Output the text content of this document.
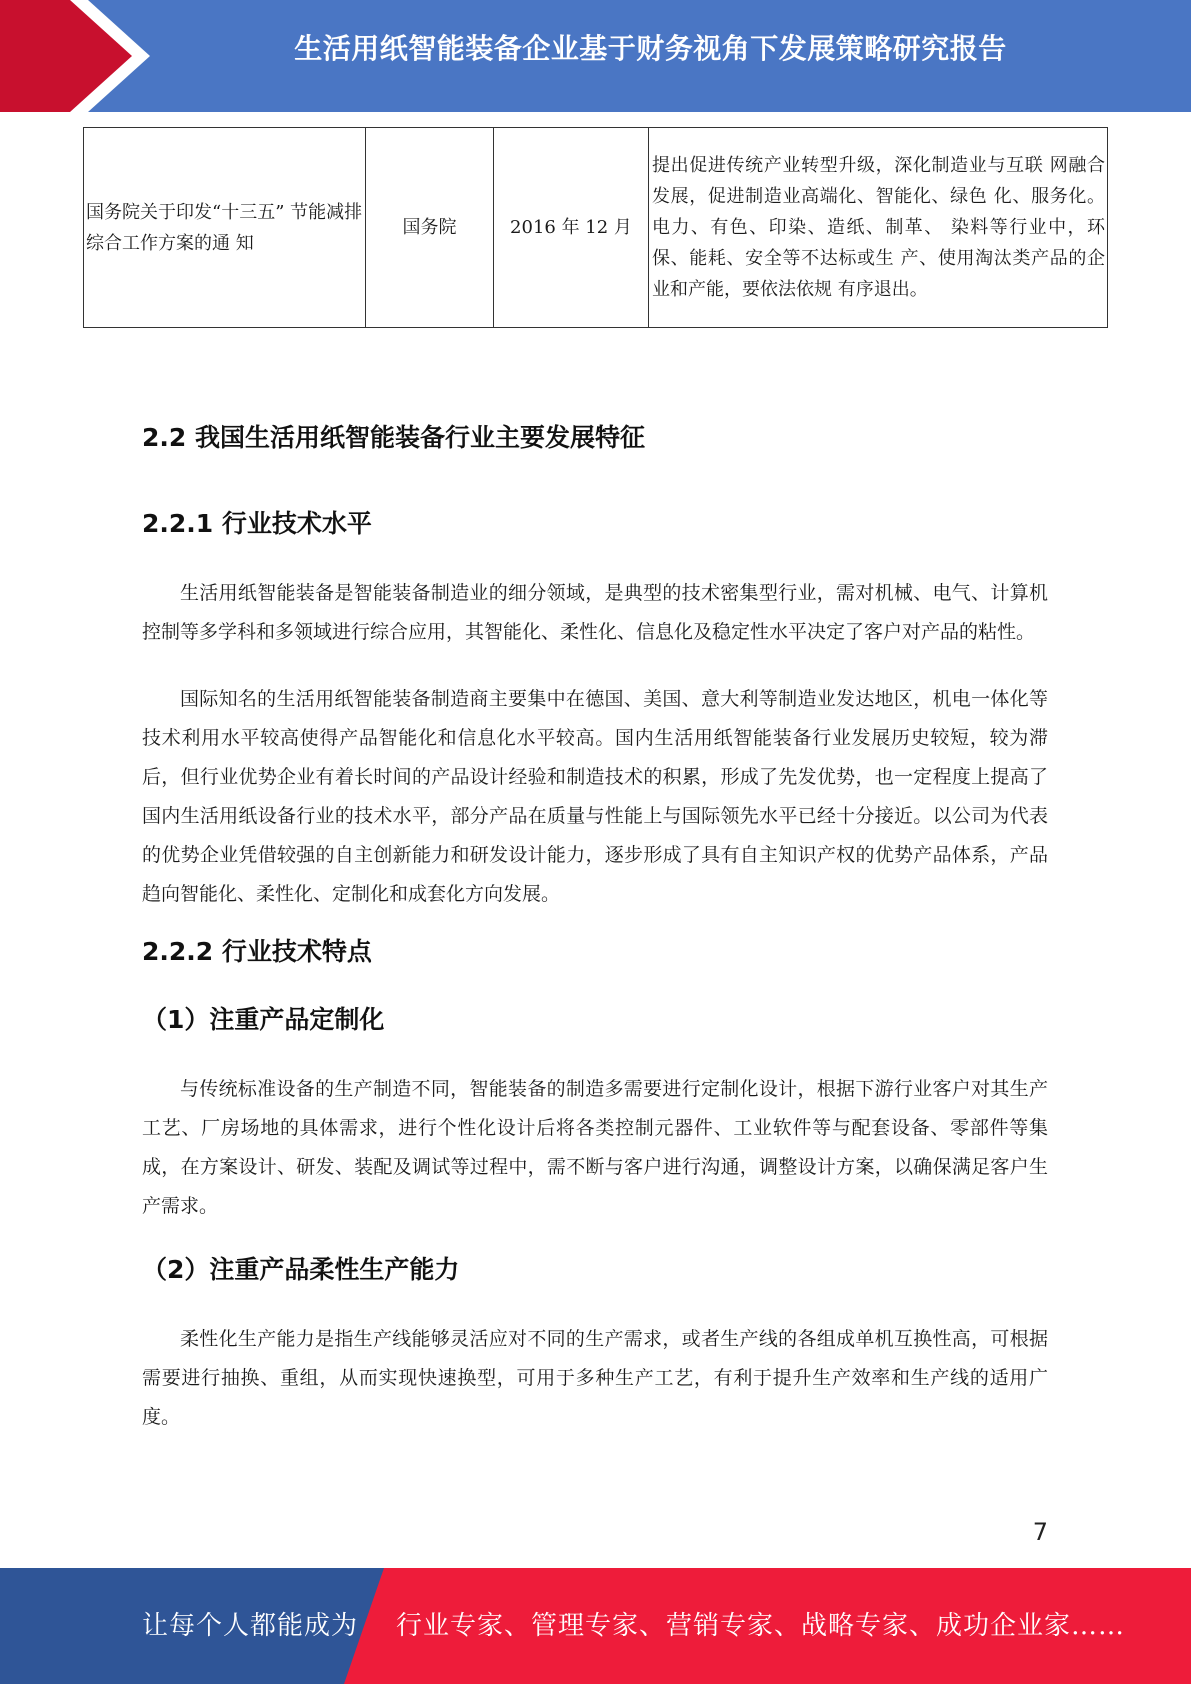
生活用纸智能装备企业基于财务视角下发展策略研究报告
国务院关于印发“十三五” 节能减排综合工作方案的通 知	国务院	2016 年 12 月	提出促进传统产业转型升级，深化制造业与互联 网融合发展，促进制造业高端化、智能化、绿色 化、服务化。电力、有色、印染、造纸、制革、 染料等行业中，环保、能耗、安全等不达标或生 产、使用淘汰类产品的企业和产能，要依法依规 有序退出。
2.2 我国生活用纸智能装备行业主要发展特征
2.2.1 行业技术水平

生活用纸智能装备是智能装备制造业的细分领域，是典型的技术密集型行业，需对机械、电气、计算机控制等多学科和多领域进行综合应用，其智能化、柔性化、信息化及稳定性水平决定了客户对产品的粘性。

国际知名的生活用纸智能装备制造商主要集中在德国、美国、意大利等制造业发达地区，机电一体化等技术利用水平较高使得产品智能化和信息化水平较高。国内生活用纸智能装备行业发展历史较短，较为滞后，但行业优势企业有着长时间的产品设计经验和制造技术的积累，形成了先发优势，也一定程度上提高了国内生活用纸设备行业的技术水平，部分产品在质量与性能上与国际领先水平已经十分接近。以公司为代表的优势企业凭借较强的自主创新能力和研发设计能力，逐步形成了具有自主知识产权的优势产品体系，产品趋向智能化、柔性化、定制化和成套化方向发展。

2.2.2 行业技术特点
（1）注重产品定制化

与传统标准设备的生产制造不同，智能装备的制造多需要进行定制化设计，根据下游行业客户对其生产工艺、厂房场地的具体需求，进行个性化设计后将各类控制元器件、工业软件等与配套设备、零部件等集成，在方案设计、研发、装配及调试等过程中，需不断与客户进行沟通，调整设计方案，以确保满足客户生产需求。

（2）注重产品柔性生产能力

柔性化生产能力是指生产线能够灵活应对不同的生产需求，或者生产线的各组成单机互换性高，可根据需要进行抽换、重组，从而实现快速换型，可用于多种生产工艺，有利于提升生产效率和生产线的适用广度。

7
让每个人都能成为 行业专家、管理专家、营销专家、战略专家、成功企业家……
